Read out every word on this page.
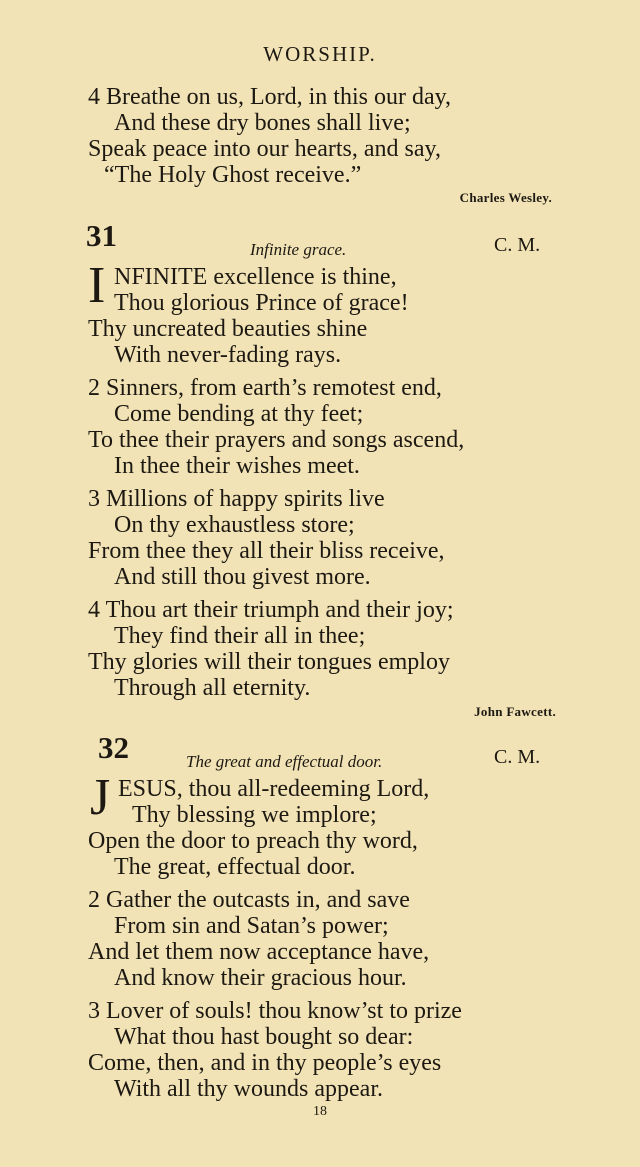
WORSHIP.
4 Breathe on us, Lord, in this our day,
And these dry bones shall live;
Speak peace into our hearts, and say,
“The Holy Ghost receive.”
Charles Wesley.
31	Infinite grace.	C. M.
I NFINITE excellence is thine,
Thou glorious Prince of grace!
Thy uncreated beauties shine
With never-fading rays.
2 Sinners, from earth’s remotest end,
Come bending at thy feet;
To thee their prayers and songs ascend,
In thee their wishes meet.
3 Millions of happy spirits live
On thy exhaustless store;
From thee they all their bliss receive,
And still thou givest more.
4 Thou art their triumph and their joy;
They find their all in thee;
Thy glories will their tongues employ
Through all eternity.
John Fawcett.
32	The great and effectual door.	C. M.
J ESUS, thou all-redeeming Lord,
Thy blessing we implore;
Open the door to preach thy word,
The great, effectual door.
2 Gather the outcasts in, and save
From sin and Satan’s power;
And let them now acceptance have,
And know their gracious hour.
3 Lover of souls! thou know’st to prize
What thou hast bought so dear:
Come, then, and in thy people’s eyes
With all thy wounds appear.
18
